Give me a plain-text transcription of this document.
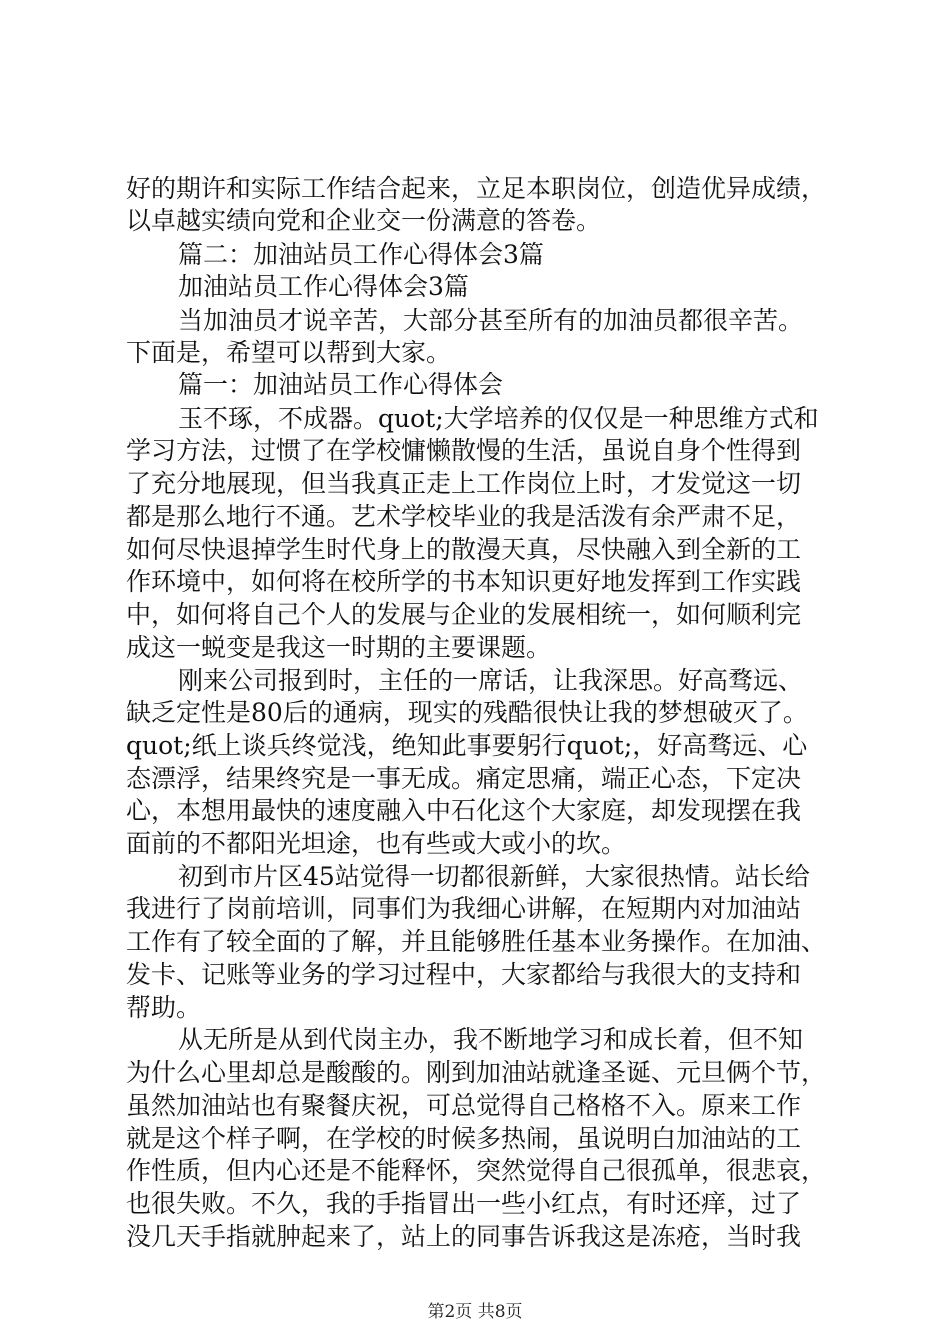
好的期许和实际工作结合起来，立足本职岗位，创造优异成绩，
以卓越实绩向党和企业交一份满意的答卷。
篇二：加油站员工作心得体会3篇
加油站员工作心得体会3篇
当加油员才说辛苦，大部分甚至所有的加油员都很辛苦。
下面是，希望可以帮到大家。
篇一：加油站员工作心得体会
玉不琢，不成器。quot;大学培养的仅仅是一种思维方式和
学习方法，过惯了在学校慵懒散慢的生活，虽说自身个性得到
了充分地展现，但当我真正走上工作岗位上时，才发觉这一切
都是那么地行不通。艺术学校毕业的我是活泼有余严肃不足，
如何尽快退掉学生时代身上的散漫天真，尽快融入到全新的工
作环境中，如何将在校所学的书本知识更好地发挥到工作实践
中，如何将自己个人的发展与企业的发展相统一，如何顺利完
成这一蜕变是我这一时期的主要课题。
刚来公司报到时，主任的一席话，让我深思。好高骛远、
缺乏定性是80后的通病，现实的残酷很快让我的梦想破灭了。
quot;纸上谈兵终觉浅，绝知此事要躬行quot;，好高骛远、心
态漂浮，结果终究是一事无成。痛定思痛，端正心态，下定决
心，本想用最快的速度融入中石化这个大家庭，却发现摆在我
面前的不都阳光坦途，也有些或大或小的坎。
初到市片区45站觉得一切都很新鲜，大家很热情。站长给
我进行了岗前培训，同事们为我细心讲解，在短期内对加油站
工作有了较全面的了解，并且能够胜任基本业务操作。在加油、
发卡、记账等业务的学习过程中，大家都给与我很大的支持和
帮助。
从无所是从到代岗主办，我不断地学习和成长着，但不知
为什么心里却总是酸酸的。刚到加油站就逢圣诞、元旦俩个节，
虽然加油站也有聚餐庆祝，可总觉得自己格格不入。原来工作
就是这个样子啊，在学校的时候多热闹，虽说明白加油站的工
作性质，但内心还是不能释怀，突然觉得自己很孤单，很悲哀，
也很失败。不久，我的手指冒出一些小红点，有时还痒，过了
没几天手指就肿起来了，站上的同事告诉我这是冻疮，当时我
第2页 共8页
